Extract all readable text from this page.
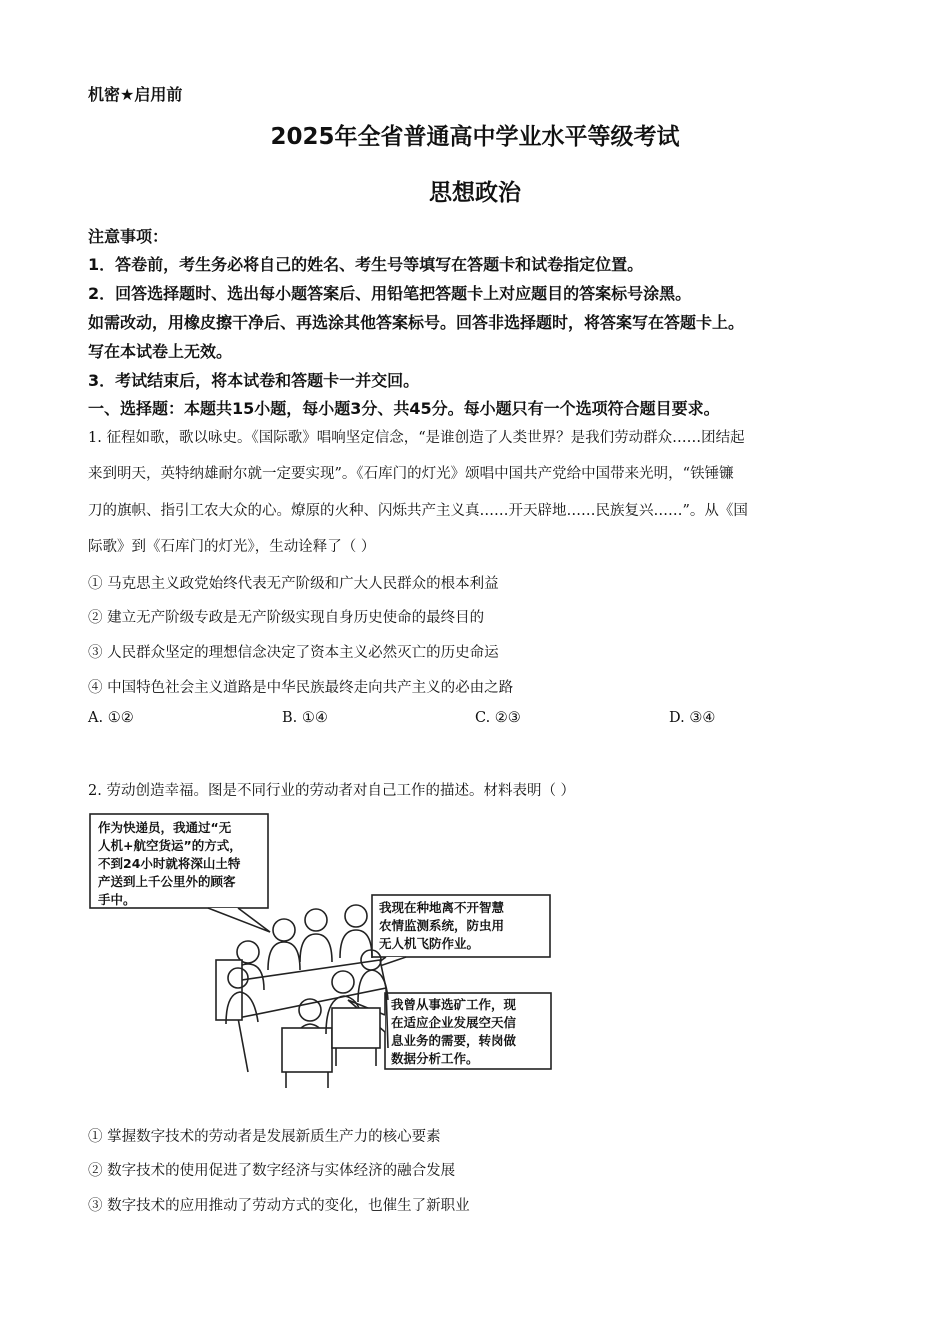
机密★启用前
2025年全省普通高中学业水平等级考试
思想政治
注意事项：
1．答卷前，考生务必将自己的姓名、考生号等填写在答题卡和试卷指定位置。
2．回答选择题时、选出每小题答案后、用铅笔把答题卡上对应题目的答案标号涂黑。
如需改动，用橡皮擦干净后、再选涂其他答案标号。回答非选择题时，将答案写在答题卡上。
写在本试卷上无效。
3．考试结束后，将本试卷和答题卡一并交回。
一、选择题：本题共15小题，每小题3分、共45分。每小题只有一个选项符合题目要求。
1. 征程如歌，歌以咏史。《国际歌》唱响坚定信念，“是谁创造了人类世界？是我们劳动群众……团结起
来到明天，英特纳雄耐尔就一定要实现”。《石库门的灯光》颂唱中国共产党给中国带来光明，“铁锤镰
刀的旗帜、指引工农大众的心。燎原的火种、闪烁共产主义真……开天辟地……民族复兴……”。从《国
际歌》到《石库门的灯光》，生动诠释了（ ）
① 马克思主义政党始终代表无产阶级和广大人民群众的根本利益
② 建立无产阶级专政是无产阶级实现自身历史使命的最终目的
③ 人民群众坚定的理想信念决定了资本主义必然灭亡的历史命运
④ 中国特色社会主义道路是中华民族最终走向共产主义的必由之路
A. ①②	B. ①④	C. ②③	D. ③④
2. 劳动创造幸福。图是不同行业的劳动者对自己工作的描述。材料表明（ ）
作为快递员，我通过“无
人机+航空货运”的方式，
不到24小时就将深山土特
产送到上千公里外的顾客
手中。
我现在种地离不开智慧
农情监测系统，防虫用
无人机飞防作业。
我曾从事选矿工作，现
在适应企业发展空天信
息业务的需要，转岗做
数据分析工作。
① 掌握数字技术的劳动者是发展新质生产力的核心要素
② 数字技术的使用促进了数字经济与实体经济的融合发展
③ 数字技术的应用推动了劳动方式的变化，也催生了新职业
